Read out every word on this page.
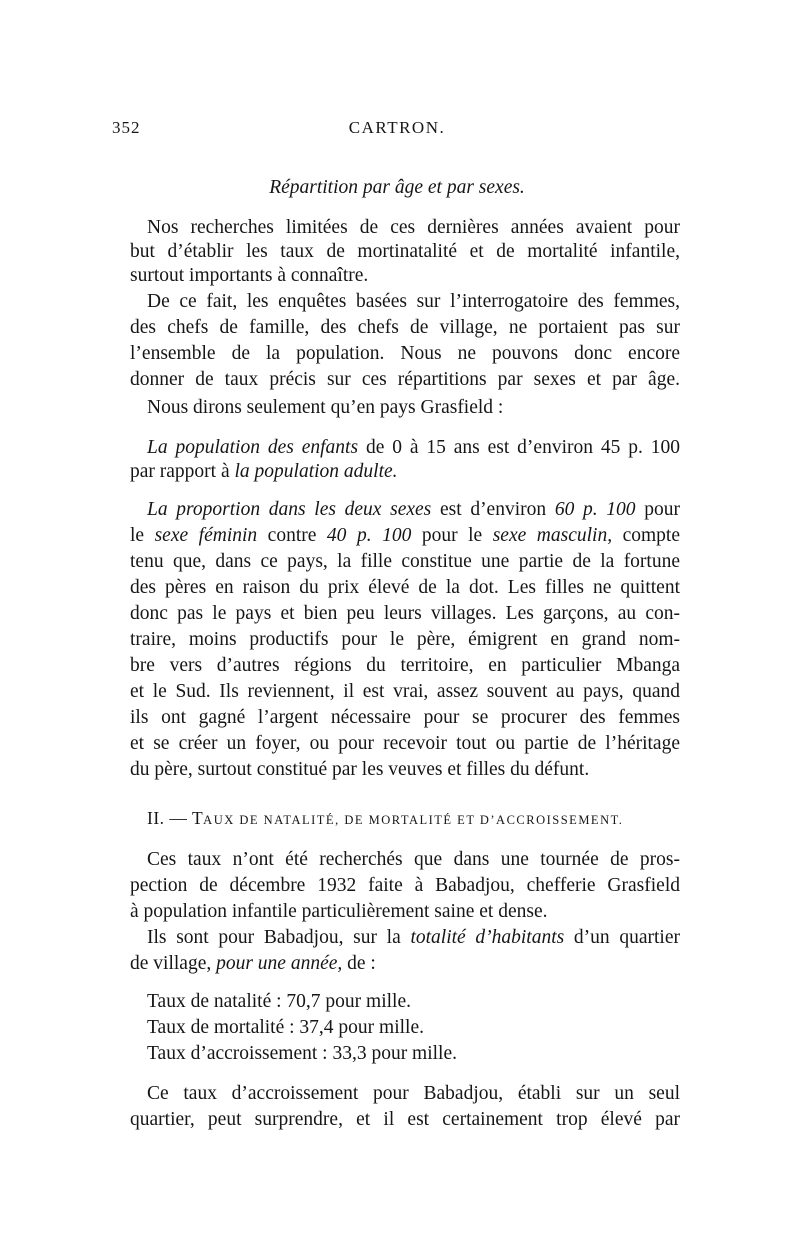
352	CARTRON.
Répartition par âge et par sexes.
Nos recherches limitées de ces dernières années avaient pour
but d’établir les taux de mortinatalité et de mortalité infantile,
surtout importants à connaître.
De ce fait, les enquêtes basées sur l’interrogatoire des femmes,
des chefs de famille, des chefs de village, ne portaient pas sur
l’ensemble de la population. Nous ne pouvons donc encore
donner de taux précis sur ces répartitions par sexes et par âge.
Nous dirons seulement qu’en pays Grasfield :
La population des enfants de 0 à 15 ans est d’environ 45 p. 100
par rapport à la population adulte.
La proportion dans les deux sexes est d’environ 60 p. 100 pour
le sexe féminin contre 40 p. 100 pour le sexe masculin, compte
tenu que, dans ce pays, la fille constitue une partie de la fortune
des pères en raison du prix élevé de la dot. Les filles ne quittent
donc pas le pays et bien peu leurs villages. Les garçons, au con-
traire, moins productifs pour le père, émigrent en grand nom-
bre vers d’autres régions du territoire, en particulier Mbanga
et le Sud. Ils reviennent, il est vrai, assez souvent au pays, quand
ils ont gagné l’argent nécessaire pour se procurer des femmes
et se créer un foyer, ou pour recevoir tout ou partie de l’héritage
du père, surtout constitué par les veuves et filles du défunt.
II. — TAUX DE NATALITÉ, DE MORTALITÉ ET D’ACCROISSEMENT.
Ces taux n’ont été recherchés que dans une tournée de pros-
pection de décembre 1932 faite à Babadjou, chefferie Grasfield
à population infantile particulièrement saine et dense.
Ils sont pour Babadjou, sur la totalité d’habitants d’un quartier
de village, pour une année, de :
Taux de natalité : 70,7 pour mille.
Taux de mortalité : 37,4 pour mille.
Taux d’accroissement : 33,3 pour mille.
Ce taux d’accroissement pour Babadjou, établi sur un seul
quartier, peut surprendre, et il est certainement trop élevé par
